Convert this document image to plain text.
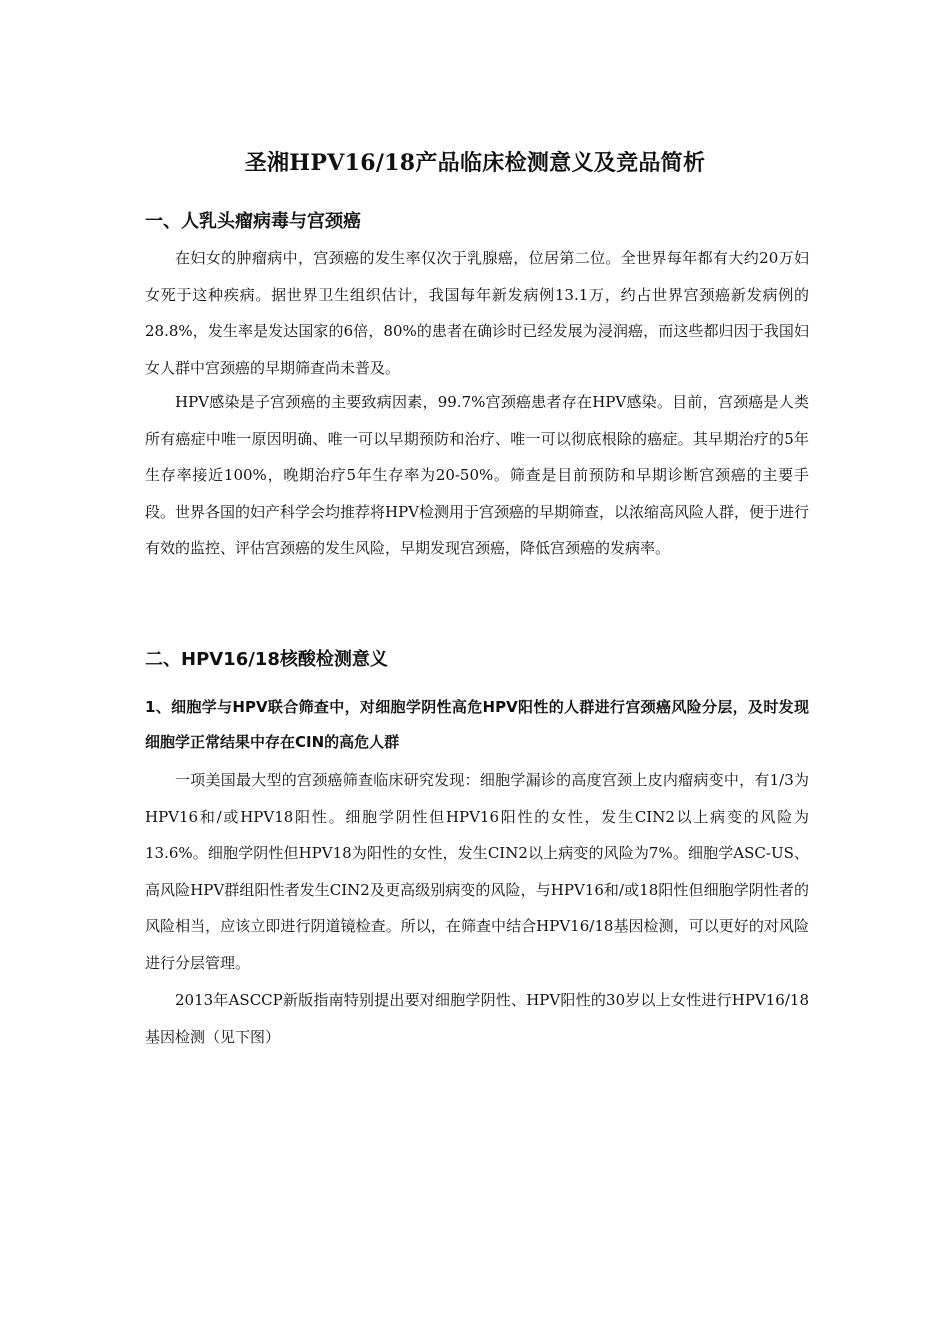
圣湘HPV16/18产品临床检测意义及竞品简析
一、人乳头瘤病毒与宫颈癌
在妇女的肿瘤病中，宫颈癌的发生率仅次于乳腺癌，位居第二位。全世界每年都有大约20万妇女死于这种疾病。据世界卫生组织估计，我国每年新发病例13.1万，约占世界宫颈癌新发病例的28.8%，发生率是发达国家的6倍，80%的患者在确诊时已经发展为浸润癌，而这些都归因于我国妇女人群中宫颈癌的早期筛查尚未普及。
HPV感染是子宫颈癌的主要致病因素，99.7%宫颈癌患者存在HPV感染。目前，宫颈癌是人类所有癌症中唯一原因明确、唯一可以早期预防和治疗、唯一可以彻底根除的癌症。其早期治疗的5年生存率接近100%，晚期治疗5年生存率为20-50%。筛查是目前预防和早期诊断宫颈癌的主要手段。世界各国的妇产科学会均推荐将HPV检测用于宫颈癌的早期筛查，以浓缩高风险人群，便于进行有效的监控、评估宫颈癌的发生风险，早期发现宫颈癌，降低宫颈癌的发病率。
二、HPV16/18核酸检测意义
1、细胞学与HPV联合筛查中，对细胞学阴性高危HPV阳性的人群进行宫颈癌风险分层，及时发现细胞学正常结果中存在CIN的高危人群
一项美国最大型的宫颈癌筛查临床研究发现：细胞学漏诊的高度宫颈上皮内瘤病变中，有1/3为HPV16和/或HPV18阳性。细胞学阴性但HPV16阳性的女性，发生CIN2以上病变的风险为13.6%。细胞学阴性但HPV18为阳性的女性，发生CIN2以上病变的风险为7%。细胞学ASC-US、高风险HPV群组阳性者发生CIN2及更高级别病变的风险，与HPV16和/或18阳性但细胞学阴性者的风险相当，应该立即进行阴道镜检查。所以，在筛查中结合HPV16/18基因检测，可以更好的对风险进行分层管理。
2013年ASCCP新版指南特别提出要对细胞学阴性、HPV阳性的30岁以上女性进行HPV16/18基因检测（见下图）
